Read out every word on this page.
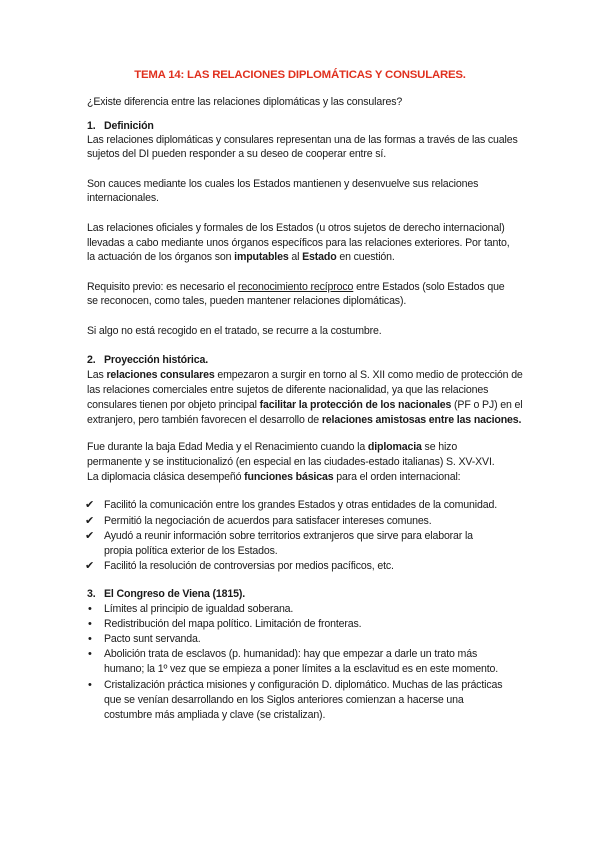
TEMA 14: LAS RELACIONES DIPLOMÁTICAS Y CONSULARES.
¿Existe diferencia entre las relaciones diplomáticas y las consulares?
1. Definición
Las relaciones diplomáticas y consulares representan una de las formas a través de las cuales
sujetos del DI pueden responder a su deseo de cooperar entre sí.
Son cauces mediante los cuales los Estados mantienen y desenvuelve sus relaciones
internacionales.
Las relaciones oficiales y formales de los Estados (u otros sujetos de derecho internacional)
llevadas a cabo mediante unos órganos específicos para las relaciones exteriores. Por tanto,
la actuación de los órganos son imputables al Estado en cuestión.
Requisito previo: es necesario el reconocimiento recíproco entre Estados (solo Estados que
se reconocen, como tales, pueden mantener relaciones diplomáticas).
Si algo no está recogido en el tratado, se recurre a la costumbre.
2. Proyección histórica.
Las relaciones consulares empezaron a surgir en torno al S. XII como medio de protección de
las relaciones comerciales entre sujetos de diferente nacionalidad, ya que las relaciones
consulares tienen por objeto principal facilitar la protección de los nacionales (PF o PJ) en el
extranjero, pero también favorecen el desarrollo de relaciones amistosas entre las naciones.
Fue durante la baja Edad Media y el Renacimiento cuando la diplomacia se hizo
permanente y se institucionalizó (en especial en las ciudades-estado italianas) S. XV-XVI.
La diplomacia clásica desempeñó funciones básicas para el orden internacional:
✔ Facilitó la comunicación entre los grandes Estados y otras entidades de la comunidad.
✔ Permitió la negociación de acuerdos para satisfacer intereses comunes.
✔ Ayudó a reunir información sobre territorios extranjeros que sirve para elaborar la
propia política exterior de los Estados.
✔ Facilitó la resolución de controversias por medios pacíficos, etc.
3. El Congreso de Viena (1815).
• Límites al principio de igualdad soberana.
• Redistribución del mapa político. Limitación de fronteras.
• Pacto sunt servanda.
• Abolición trata de esclavos (p. humanidad): hay que empezar a darle un trato más
humano; la 1º vez que se empieza a poner límites a la esclavitud es en este momento.
• Cristalización práctica misiones y configuración D. diplomático. Muchas de las prácticas
que se venían desarrollando en los Siglos anteriores comienzan a hacerse una
costumbre más ampliada y clave (se cristalizan).
